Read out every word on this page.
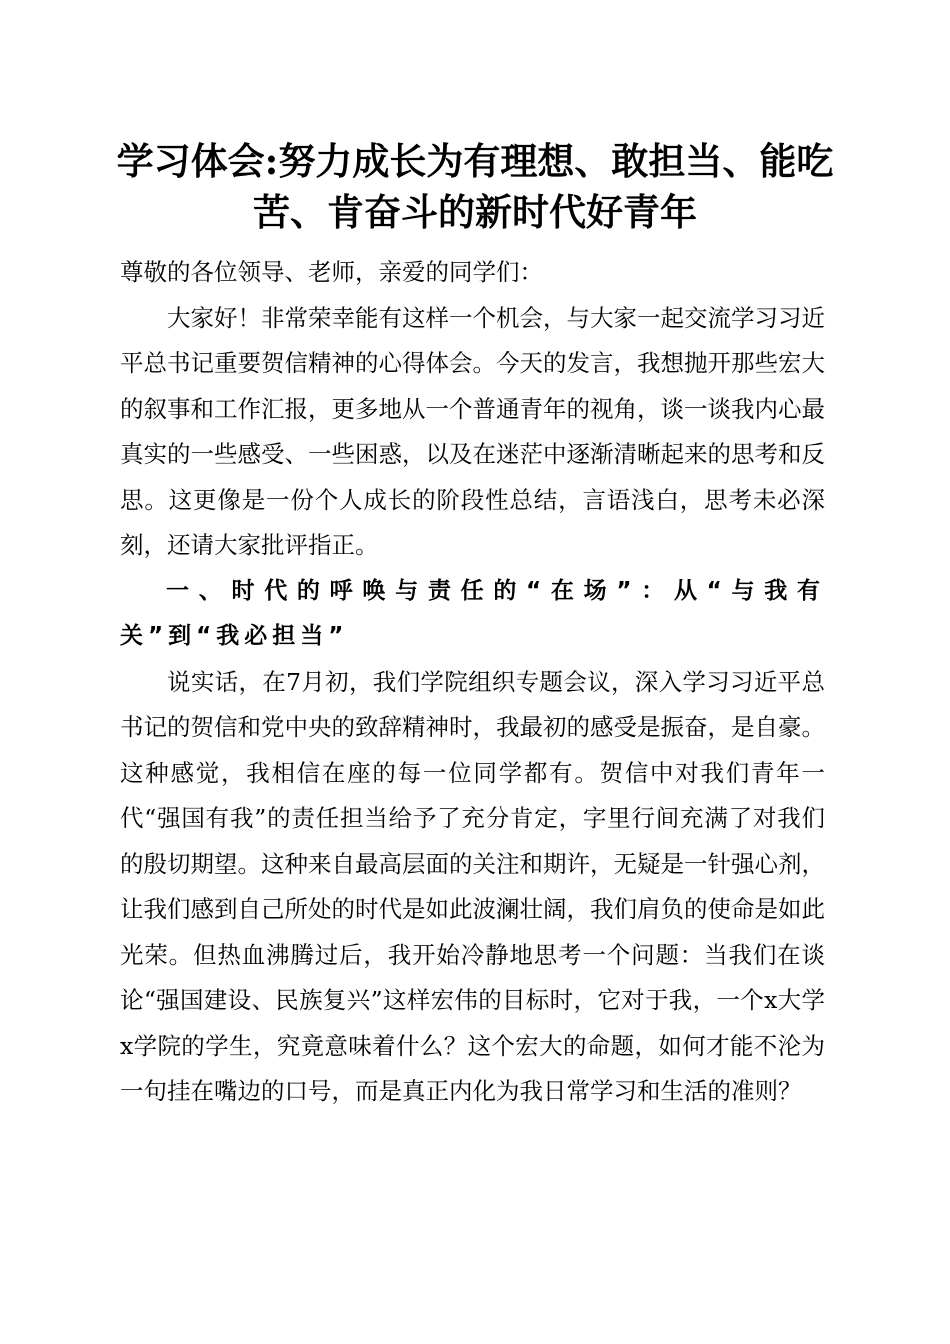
学习体会:努力成长为有理想、敢担当、能吃
苦、肯奋斗的新时代好青年

尊敬的各位领导、老师，亲爱的同学们：

大家好！非常荣幸能有这样一个机会，与大家一起交流学习习近平总书记重要贺信精神的心得体会。今天的发言，我想抛开那些宏大的叙事和工作汇报，更多地从一个普通青年的视角，谈一谈我内心最真实的一些感受、一些困惑，以及在迷茫中逐渐清晰起来的思考和反思。这更像是一份个人成长的阶段性总结，言语浅白，思考未必深刻，还请大家批评指正。

一、时代的呼唤与责任的“在场”：从“与我有关”到“我必担当”

说实话，在7月初，我们学院组织专题会议，深入学习习近平总书记的贺信和党中央的致辞精神时，我最初的感受是振奋，是自豪。这种感觉，我相信在座的每一位同学都有。贺信中对我们青年一代“强国有我”的责任担当给予了充分肯定，字里行间充满了对我们的殷切期望。这种来自最高层面的关注和期许，无疑是一针强心剂，让我们感到自己所处的时代是如此波澜壮阔，我们肩负的使命是如此光荣。但热血沸腾过后，我开始冷静地思考一个问题：当我们在谈论“强国建设、民族复兴”这样宏伟的目标时，它对于我，一个x大学x学院的学生，究竟意味着什么？这个宏大的命题，如何才能不沦为一句挂在嘴边的口号，而是真正内化为我日常学习和生活的准则？
